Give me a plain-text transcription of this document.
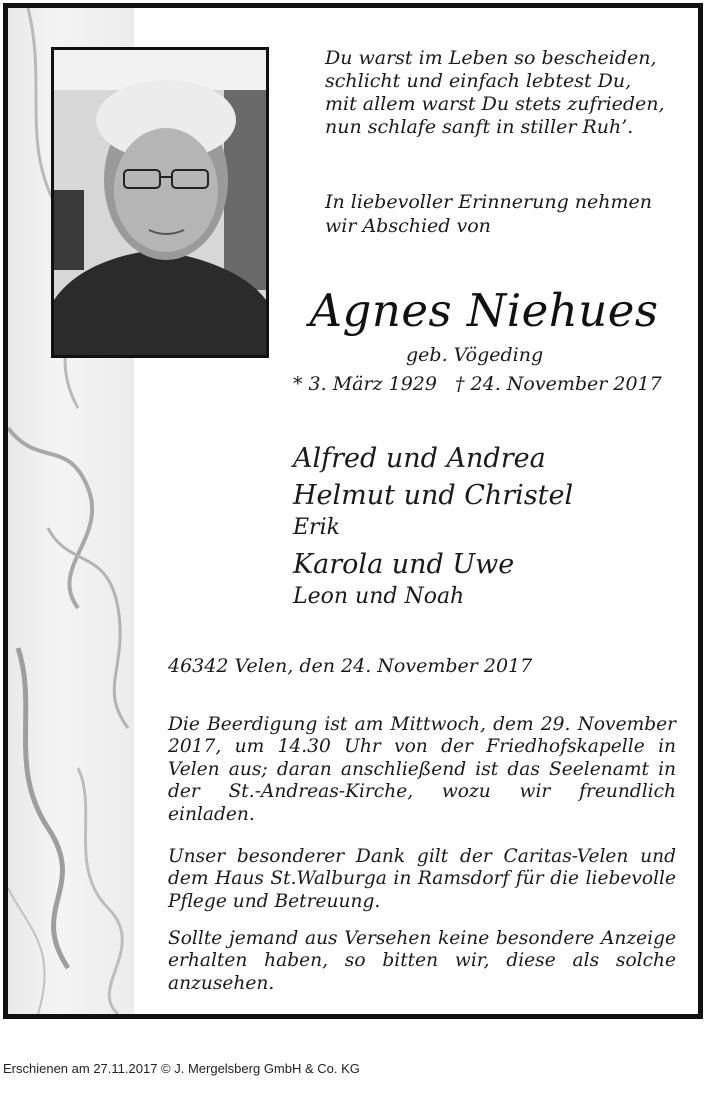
Du warst im Leben so bescheiden,
schlicht und einfach lebtest Du,
mit allem warst Du stets zufrieden,
nun schlafe sanft in stiller Ruh’.
In liebevoller Erinnerung nehmen
wir Abschied von
Agnes Niehues
geb. Vögeding
* 3. März 1929 † 24. November 2017
Alfred und Andrea
Helmut und Christel
Erik
Karola und Uwe
Leon und Noah
46342 Velen, den 24. November 2017
Die Beerdigung ist am Mittwoch, dem 29. November 2017, um 14.30 Uhr von der Friedhofskapelle in Velen aus; daran anschließend ist das Seelenamt in der St.-Andreas-Kirche, wozu wir freundlich einladen.
Unser besonderer Dank gilt der Caritas-Velen und dem Haus St.Walburga in Ramsdorf für die liebevolle Pflege und Betreuung.
Sollte jemand aus Versehen keine besondere Anzeige erhalten haben, so bitten wir, diese als solche anzusehen.
Erschienen am 27.11.2017 © J. Mergelsberg GmbH & Co. KG
